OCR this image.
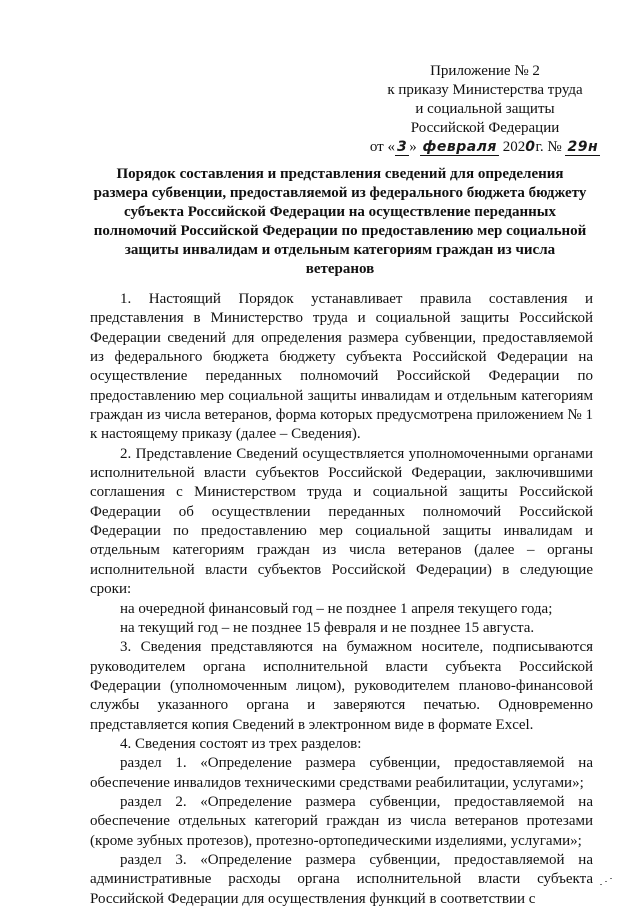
Приложение № 2
к приказу Министерства труда
и социальной защиты
Российской Федерации
от « 3 » февраля 2020г. № 29н
Порядок составления и представления сведений для определения размера субвенции, предоставляемой из федерального бюджета бюджету субъекта Российской Федерации на осуществление переданных полномочий Российской Федерации по предоставлению мер социальной защиты инвалидам и отдельным категориям граждан из числа ветеранов

1. Настоящий Порядок устанавливает правила составления и представления в Министерство труда и социальной защиты Российской Федерации сведений для определения размера субвенции, предоставляемой из федерального бюджета бюджету субъекта Российской Федерации на осуществление переданных полномочий Российской Федерации по предоставлению мер социальной защиты инвалидам и отдельным категориям граждан из числа ветеранов, форма которых предусмотрена приложением № 1 к настоящему приказу (далее – Сведения).

2. Представление Сведений осуществляется уполномоченными органами исполнительной власти субъектов Российской Федерации, заключившими соглашения с Министерством труда и социальной защиты Российской Федерации об осуществлении переданных полномочий Российской Федерации по предоставлению мер социальной защиты инвалидам и отдельным категориям граждан из числа ветеранов (далее – органы исполнительной власти субъектов Российской Федерации) в следующие сроки:

на очередной финансовый год – не позднее 1 апреля текущего года;

на текущий год – не позднее 15 февраля и не позднее 15 августа.

3. Сведения представляются на бумажном носителе, подписываются руководителем органа исполнительной власти субъекта Российской Федерации (уполномоченным лицом), руководителем планово-финансовой службы указанного органа и заверяются печатью. Одновременно представляется копия Сведений в электронном виде в формате Excel.

4. Сведения состоят из трех разделов:

раздел 1. «Определение размера субвенции, предоставляемой на обеспечение инвалидов техническими средствами реабилитации, услугами»;

раздел 2. «Определение размера субвенции, предоставляемой на обеспечение отдельных категорий граждан из числа ветеранов протезами (кроме зубных протезов), протезно-ортопедическими изделиями, услугами»;

раздел 3. «Определение размера субвенции, предоставляемой на административные расходы органа исполнительной власти субъекта Российской Федерации для осуществления функций в соответствии с
